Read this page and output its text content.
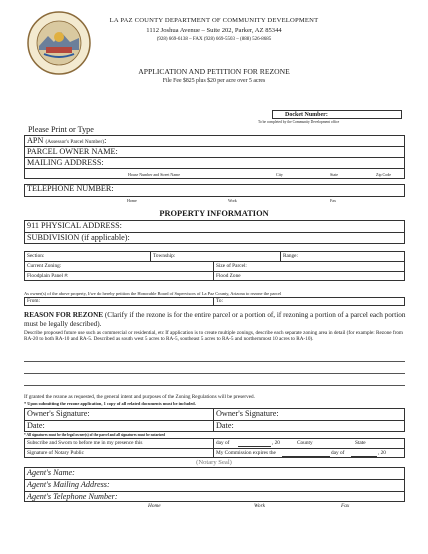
LA PAZ COUNTY DEPARTMENT OF COMMUNITY DEVELOPMENT
1112 Joshua Avenue – Suite 202, Parker, AZ 85344
(928) 669-6138 – FAX (928) 669-5503 – (888) 526-8685
APPLICATION AND PETITION FOR REZONE
File Fee $825 plus $20 per acre over 5 acres
Docket Number:
To be completed by the Community Development office
Please Print or Type
APN (Assessor's Parcel Number):
PARCEL OWNER NAME:
MAILING ADDRESS:
House Number and Street Name	City	State	Zip Code
TELEPHONE NUMBER:
Home	Work	Fax
PROPERTY INFORMATION
911 PHYSICAL ADDRESS:
SUBDIVISION (if applicable):
Section:	Township:	Range:
Current Zoning:	Size of Parcel:
Floodplain Panel #:	Flood Zone
As owner(s) of the above property, I/we do hereby petition the Honorable Board of Supervisors of La Paz County, Arizona to rezone the parcel
From:	To:
REASON FOR REZONE (Clarify if the rezone is for the entire parcel or a portion of, if rezoning a portion of a parcel each portion must be legally described).
Describe proposed future use such as commercial or residential, etc If application is to create multiple zonings, describe each separate zoning area in detail (for example: Rezone from RA-20 to both RA-10 and RA-5. Described as south west 5 acres to RA-5, southeast 5 acres to RA-5 and northernmost 10 acres to RA-10).
If granted the rezone as requested, the general intent and purposes of the Zoning Regulations will be preserved.
* Upon submitting the rezone application, 1 copy of all related documents must be included.
Owner's Signature:	Owner's Signature:
Date:	Date:
* All signatures must be the legal owner(s) of the parcel and all signatures must be notarized
Subscribe and Sworn to before me in my presence this	day of	, 20	County	State
Signature of Notary Public	My Commission expires the	day of	, 20
(Notary Seal)
Agent's Name:
Agent's Mailing Address:
Agent's Telephone Number:
Home	Work	Fax
